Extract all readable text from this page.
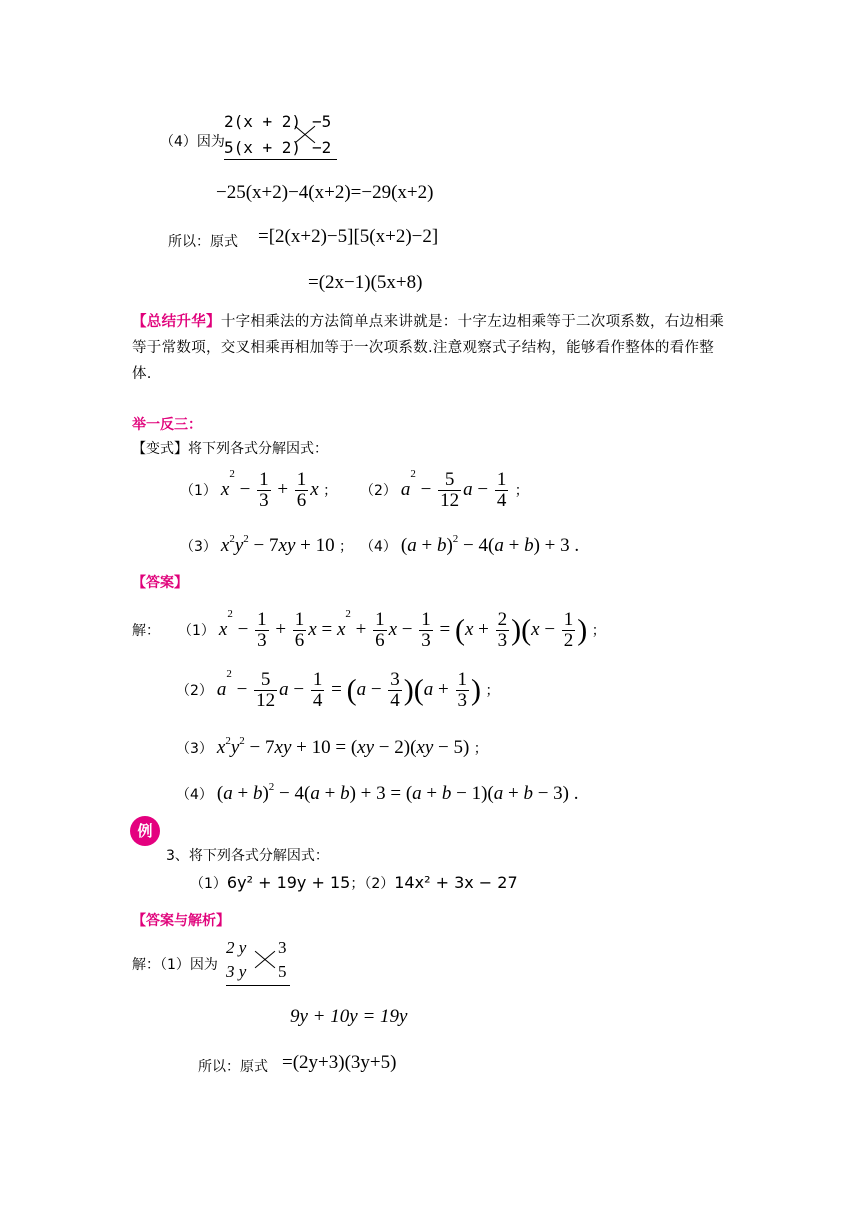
（4）因为
2(x + 2) −5
5(x + 2) −2
−25(x+2)−4(x+2)=−29(x+2)
所以：原式 =[2(x+2)−5][5(x+2)−2]
=(2x−1)(5x+8)
【总结升华】十字相乘法的方法简单点来讲就是：十字左边相乘等于二次项系数，右边相乘等于常数项，交叉相乘再相加等于一次项系数.注意观察式子结构，能够看作整体的看作整体.
举一反三：
【变式】将下列各式分解因式：
（1） $x^2 - \frac{1}{3} + \frac{1}{6}$ x ； （2） $a^2 - \frac{5}{12}$ $a - \frac{1}{4}$ ；
（3） $x^2y^2 - 7xy + 10$ ； （4） $(a + b)^2 - 4(a + b) + 3$ .
【答案】
解： （1） $x^2 - \frac{1}{3} + \frac{1}{6}$ $x = x^2 + \frac{1}{6}$ $x - \frac{1}{3} = (x + \frac{2}{3} )(x - \frac{1}{2}$ ) ；
（2） $a^2 - \frac{5}{12}$ $a - \frac{1}{4} = (a - \frac{3}{4} )(a + \frac{1}{3}$ ) ；
（3） $x^2y^2 - 7xy + 10 = (xy - 2)(xy - 5)$ ；
（4） $(a + b)^2 - 4(a + b) + 3 = (a + b - 1)(a + b - 3)$ .
例
3、将下列各式分解因式：
（1）6y² + 19y + 15；（2）14x² + 3x − 27
【答案与解析】
解：（1）因为
2 y 3
3 y 5
9y + 10y = 19y
所以：原式 =(2y+3)(3y+5)
